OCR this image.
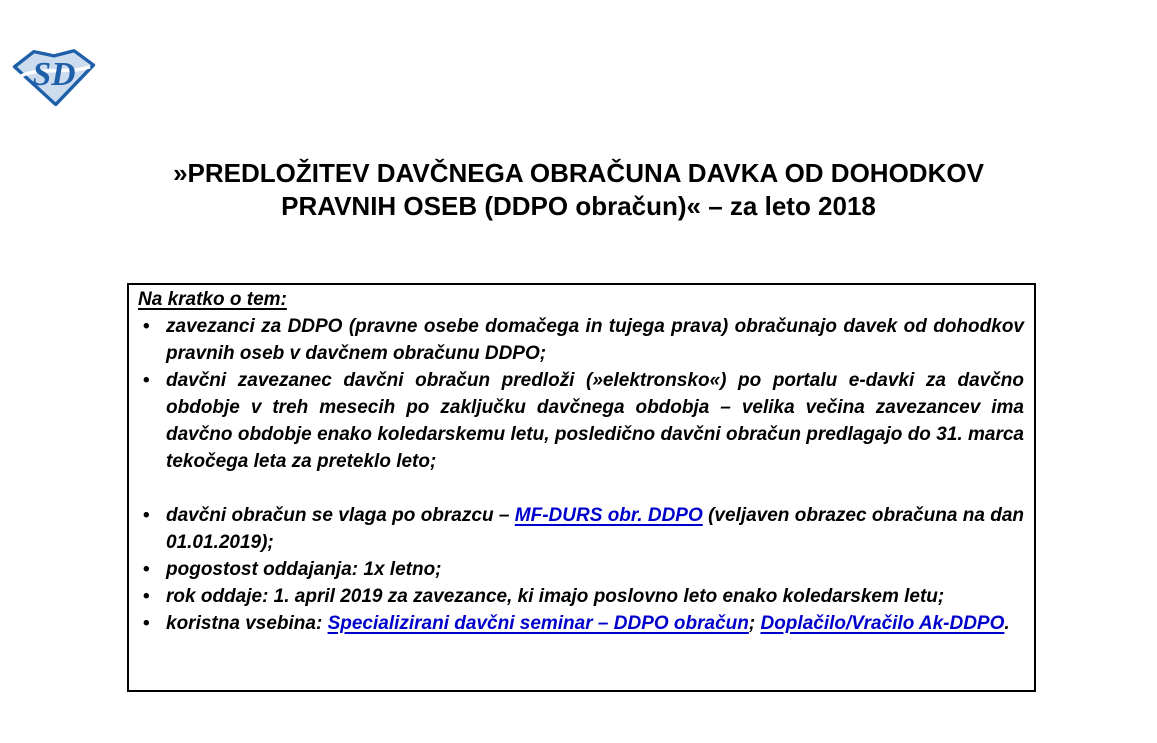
SD
»PREDLOŽITEV DAVČNEGA OBRAČUNA DAVKA OD DOHODKOV
PRAVNIH OSEB (DDPO obračun)« – za leto 2018
Na kratko o tem:
• zavezanci za DDPO (pravne osebe domačega in tujega prava) obračunajo davek od dohodkov pravnih oseb v davčnem obračunu DDPO;
• davčni zavezanec davčni obračun predloži (»elektronsko«) po portalu e-davki za davčno obdobje v treh mesecih po zaključku davčnega obdobja – velika večina zavezancev ima davčno obdobje enako koledarskemu letu, posledično davčni obračun predlagajo do 31. marca tekočega leta za preteklo leto;
• davčni obračun se vlaga po obrazcu – MF-DURS obr. DDPO (veljaven obrazec obračuna na dan 01.01.2019);
• pogostost oddajanja: 1x letno;
• rok oddaje: 1. april 2019 za zavezance, ki imajo poslovno leto enako koledarskem letu;
• koristna vsebina: Specializirani davčni seminar – DDPO obračun; Doplačilo/Vračilo Ak-DDPO.
